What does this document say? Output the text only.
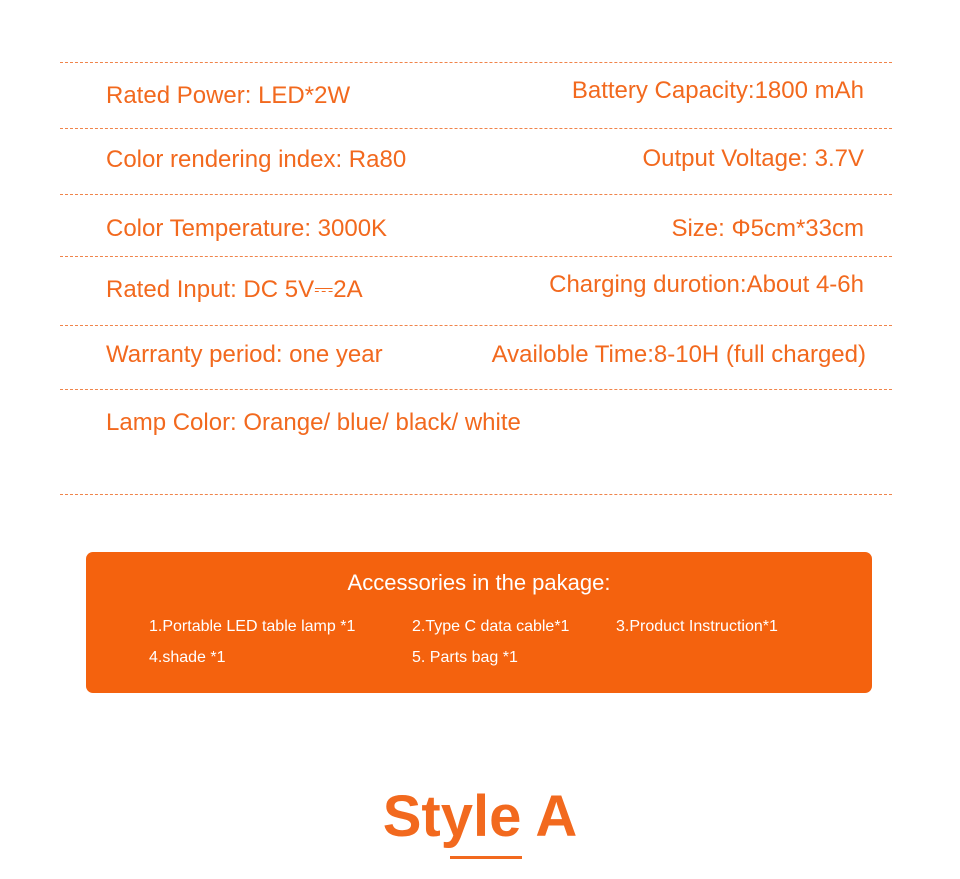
Rated Power: LED*2W	Battery Capacity:1800 mAh
Color rendering index: Ra80	Output Voltage: 3.7V
Color Temperature: 3000K	Size: Φ5cm*33cm
Rated Input: DC 5V⎓2A	Charging durotion:About 4-6h
Warranty period: one year	Availoble Time:8-10H (full charged)
Lamp Color: Orange/ blue/ black/ white
Accessories in the pakage:
1.Portable LED table lamp *1	2.Type C data cable*1	3.Product Instruction*1
4.shade *1	5. Parts bag *1
Style A
